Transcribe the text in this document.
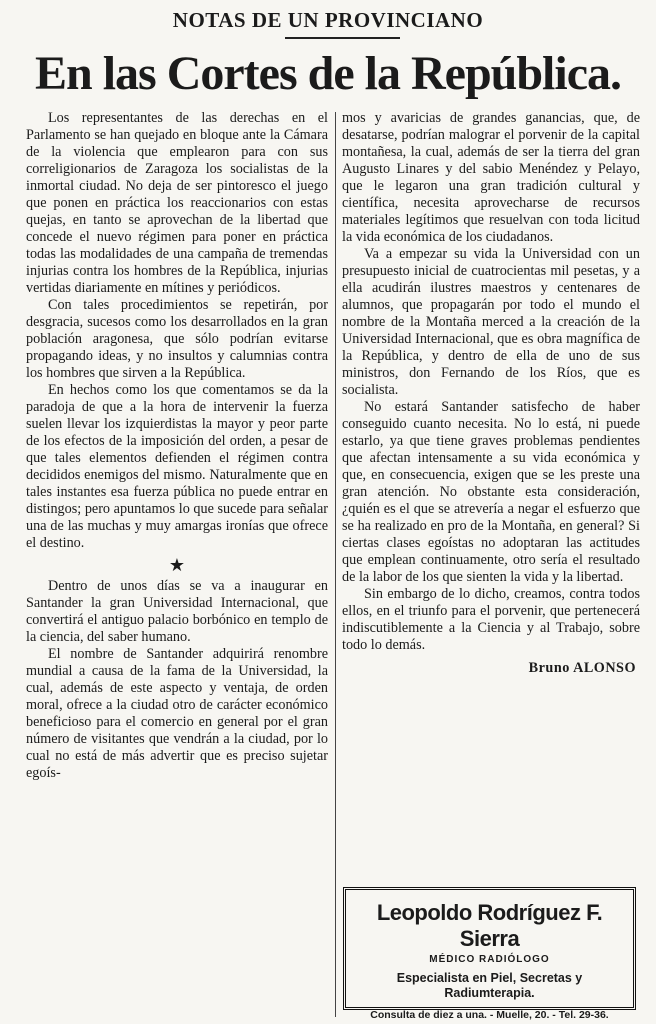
NOTAS DE UN PROVINCIANO
En las Cortes de la República.

Los representantes de las derechas en el Parlamento se han quejado en bloque ante la Cámara de la violencia que emplearon para con sus correligionarios de Zaragoza los socialistas de la inmortal ciudad. No deja de ser pintoresco el juego que ponen en práctica los reaccionarios con estas quejas, en tanto se aprovechan de la libertad que concede el nuevo régimen para poner en práctica todas las modalidades de una campaña de tremendas injurias contra los hombres de la República, injurias vertidas diariamente en mítines y periódicos.

Con tales procedimientos se repetirán, por desgracia, sucesos como los desarrollados en la gran población aragonesa, que sólo podrían evitarse propagando ideas, y no insultos y calumnias contra los hombres que sirven a la República.

En hechos como los que comentamos se da la paradoja de que a la hora de intervenir la fuerza suelen llevar los izquierdistas la mayor y peor parte de los efectos de la imposición del orden, a pesar de que tales elementos defienden el régimen contra decididos enemigos del mismo. Naturalmente que en tales instantes esa fuerza pública no puede entrar en distingos; pero apuntamos lo que sucede para señalar una de las muchas y muy amargas ironías que ofrece el destino.

★

Dentro de unos días se va a inaugurar en Santander la gran Universidad Internacional, que convertirá el antiguo palacio borbónico en templo de la ciencia, del saber humano.

El nombre de Santander adquirirá renombre mundial a causa de la fama de la Universidad, la cual, además de este aspecto y ventaja, de orden moral, ofrece a la ciudad otro de carácter económico beneficioso para el comercio en general por el gran número de visitantes que vendrán a la ciudad, por lo cual no está de más advertir que es preciso sujetar egoís-

mos y avaricias de grandes ganancias, que, de desatarse, podrían malograr el porvenir de la capital montañesa, la cual, además de ser la tierra del gran Augusto Linares y del sabio Menéndez y Pelayo, que le legaron una gran tradición cultural y científica, necesita aprovecharse de recursos materiales legítimos que resuelvan con toda licitud la vida económica de los ciudadanos.

Va a empezar su vida la Universidad con un presupuesto inicial de cuatrocientas mil pesetas, y a ella acudirán ilustres maestros y centenares de alumnos, que propagarán por todo el mundo el nombre de la Montaña merced a la creación de la Universidad Internacional, que es obra magnífica de la República, y dentro de ella de uno de sus ministros, don Fernando de los Ríos, que es socialista.

No estará Santander satisfecho de haber conseguido cuanto necesita. No lo está, ni puede estarlo, ya que tiene graves problemas pendientes que afectan intensamente a su vida económica y que, en consecuencia, exigen que se les preste una gran atención. No obstante esta consideración, ¿quién es el que se atrevería a negar el esfuerzo que se ha realizado en pro de la Montaña, en general? Si ciertas clases egoístas no adoptaran las actitudes que emplean continuamente, otro sería el resultado de la labor de los que sienten la vida y la libertad.

Sin embargo de lo dicho, creamos, contra todos ellos, en el triunfo para el porvenir, que pertenecerá indiscutiblemente a la Ciencia y al Trabajo, sobre todo lo demás.

Bruno ALONSO
Leopoldo Rodríguez F. Sierra
MÉDICO RADIÓLOGO
Especialista en Piel, Secretas y Radiumterapia.
Consulta de diez a una. - Muelle, 20. - Tel. 29-36.
